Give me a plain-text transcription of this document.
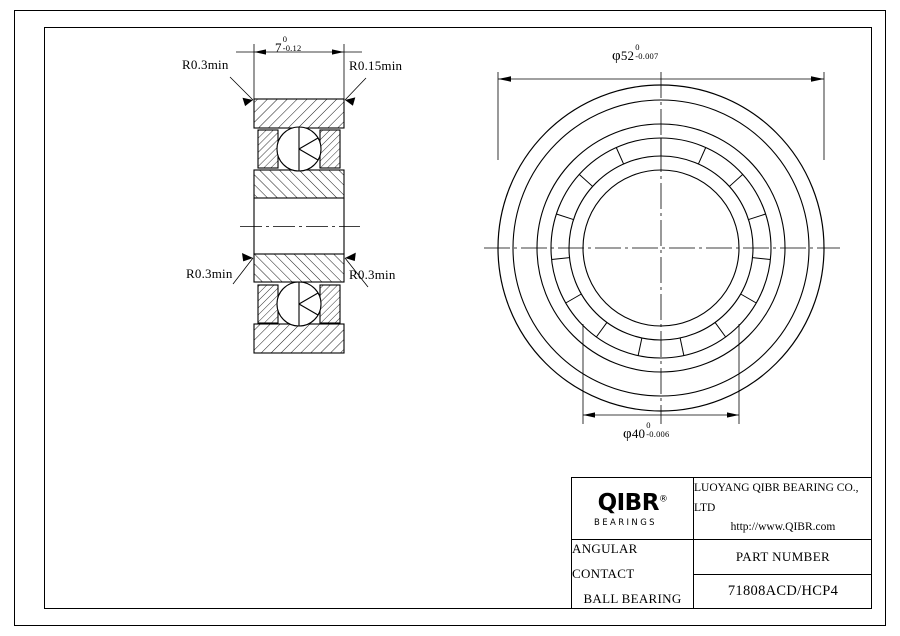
R0.3min	R0.15min
R0.3min	R0.3min
7
0
-0.12	φ52
0
-0.007
φ40
0
-0.006
QIBR®
BEARINGS
LUOYANG QIBR BEARING CO., LTD
http://www.QIBR.com
ANGULAR CONTACT
BALL BEARING
PART NUMBER
71808ACD/HCP4
